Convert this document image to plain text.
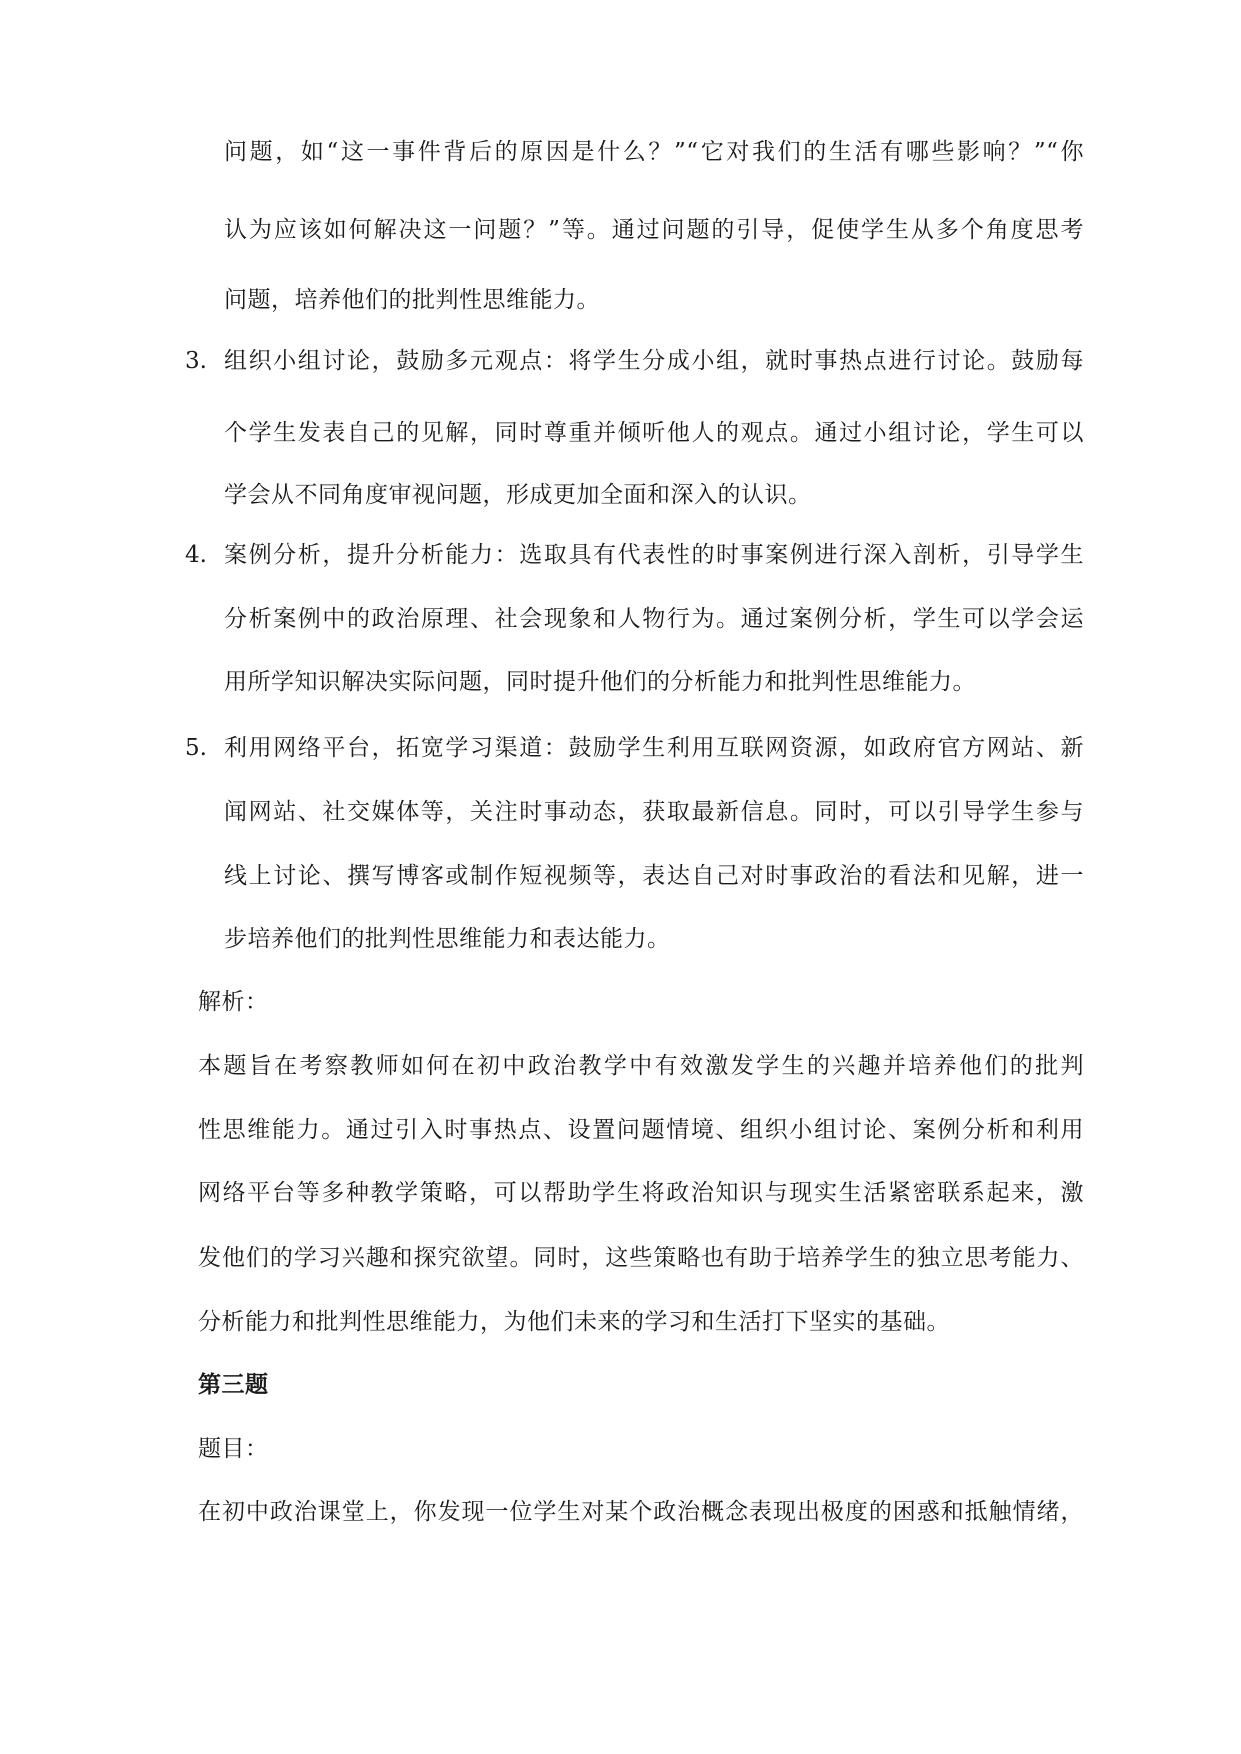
问题，如“这一事件背后的原因是什么？”“它对我们的生活有哪些影响？”“你
认为应该如何解决这一问题？”等。通过问题的引导，促使学生从多个角度思考
问题，培养他们的批判性思维能力。
3. 组织小组讨论，鼓励多元观点：将学生分成小组，就时事热点进行讨论。鼓励每
个学生发表自己的见解，同时尊重并倾听他人的观点。通过小组讨论，学生可以
学会从不同角度审视问题，形成更加全面和深入的认识。
4. 案例分析，提升分析能力：选取具有代表性的时事案例进行深入剖析，引导学生
分析案例中的政治原理、社会现象和人物行为。通过案例分析，学生可以学会运
用所学知识解决实际问题，同时提升他们的分析能力和批判性思维能力。
5. 利用网络平台，拓宽学习渠道：鼓励学生利用互联网资源，如政府官方网站、新
闻网站、社交媒体等，关注时事动态，获取最新信息。同时，可以引导学生参与
线上讨论、撰写博客或制作短视频等，表达自己对时事政治的看法和见解，进一
步培养他们的批判性思维能力和表达能力。
解析：
本题旨在考察教师如何在初中政治教学中有效激发学生的兴趣并培养他们的批判
性思维能力。通过引入时事热点、设置问题情境、组织小组讨论、案例分析和利用
网络平台等多种教学策略，可以帮助学生将政治知识与现实生活紧密联系起来，激
发他们的学习兴趣和探究欲望。同时，这些策略也有助于培养学生的独立思考能力、
分析能力和批判性思维能力，为他们未来的学习和生活打下坚实的基础。
第三题
题目：
在初中政治课堂上，你发现一位学生对某个政治概念表现出极度的困惑和抵触情绪，
